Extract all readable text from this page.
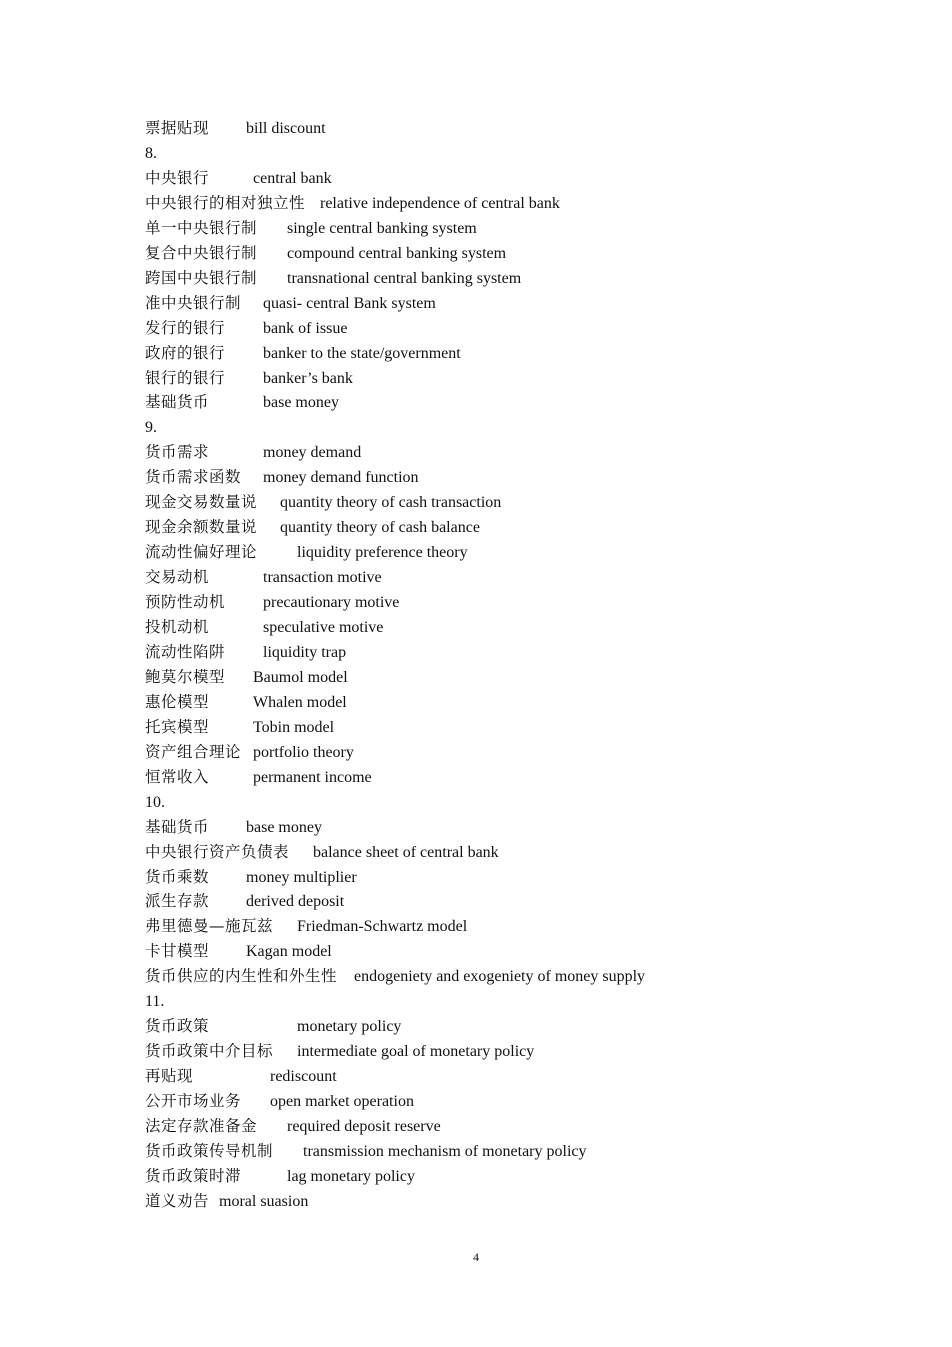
票据贴现 bill discount
8.
中央银行	central bank
中央银行的相对独立性 relative independence of central bank
单一中央银行制 single central banking system
复合中央银行制 compound central banking system
跨国中央银行制 transnational central banking system
准中央银行制 quasi- central Bank system
发行的银行 bank of issue
政府的银行 banker to the state/government
银行的银行 banker’s bank
基础货币	base money
9.
货币需求	money demand
货币需求函数 money demand function
现金交易数量说 quantity theory of cash transaction
现金余额数量说 quantity theory of cash balance
流动性偏好理论 liquidity preference theory
交易动机	transaction motive
预防性动机 precautionary motive
投机动机	speculative motive
流动性陷阱 liquidity trap
鲍莫尔模型 Baumol model
惠伦模型	Whalen model
托宾模型	Tobin model
资产组合理论 portfolio theory
恒常收入	permanent income
10.
基础货币 base money
中央银行资产负债表 balance sheet of central bank
货币乘数 money multiplier
派生存款 derived deposit
弗里德曼—施瓦兹 Friedman-Schwartz model
卡甘模型 Kagan model
货币供应的内生性和外生性 endogeniety and exogeniety of money supply
11.
货币政策	monetary policy
货币政策中介目标 intermediate goal of monetary policy
再贴现	rediscount
公开市场业务 open market operation
法定存款准备金 required deposit reserve
货币政策传导机制 transmission mechanism of monetary policy
货币政策时滞	lag monetary policy
道义劝告 moral suasion
4
